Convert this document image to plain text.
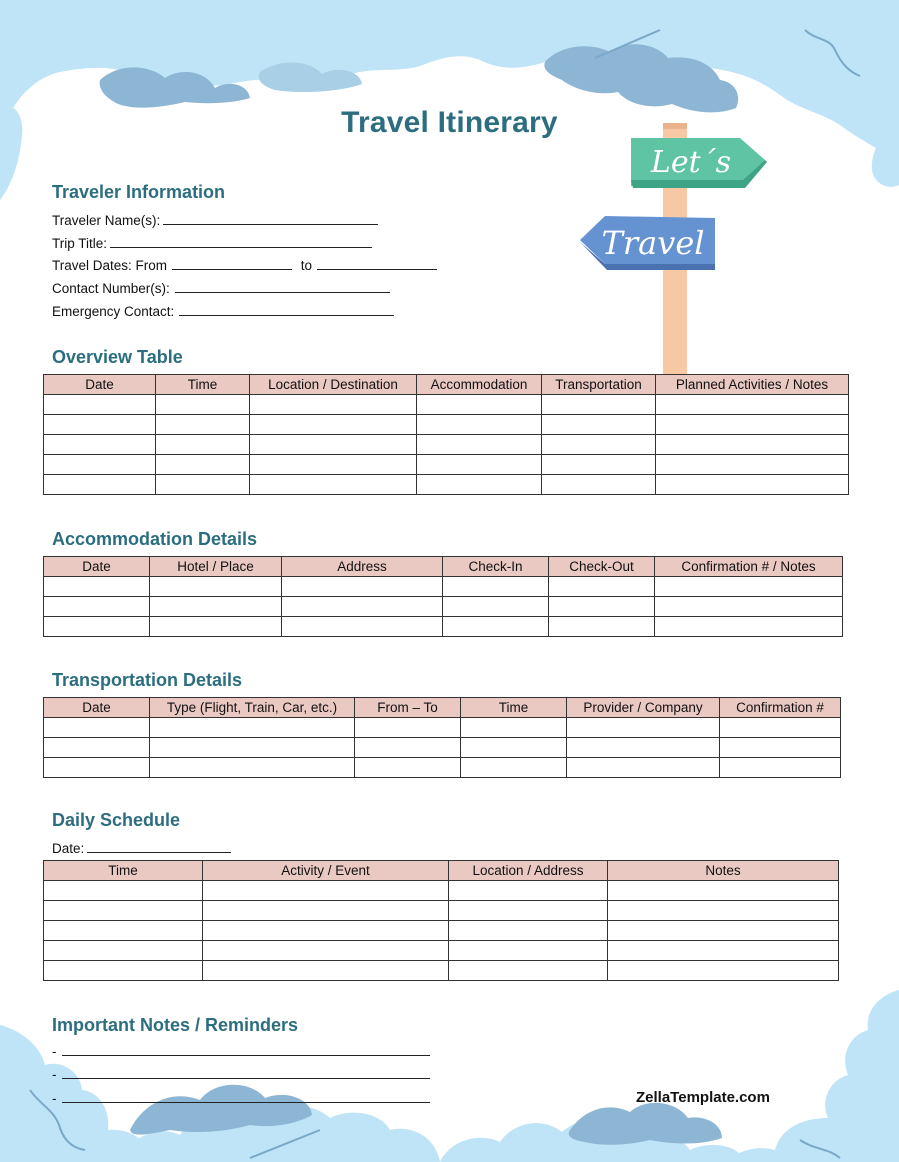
Let´s
Travel
Travel Itinerary
Traveler Information
Traveler Name(s):
Trip Title:
Travel Dates: From	to
Contact Number(s):
Emergency Contact:
Overview Table
Date	Time	Location / Destination	Accommodation	Transportation	Planned Activities / Notes

Accommodation Details
Date	Hotel / Place	Address	Check-In	Check-Out	Confirmation # / Notes

Transportation Details
Date	Type (Flight, Train, Car, etc.)	From – To	Time	Provider / Company	Confirmation #

Daily Schedule
Date:
Time	Activity / Event	Location / Address	Notes

Important Notes / Reminders
-
-
-	ZellaTemplate.com
